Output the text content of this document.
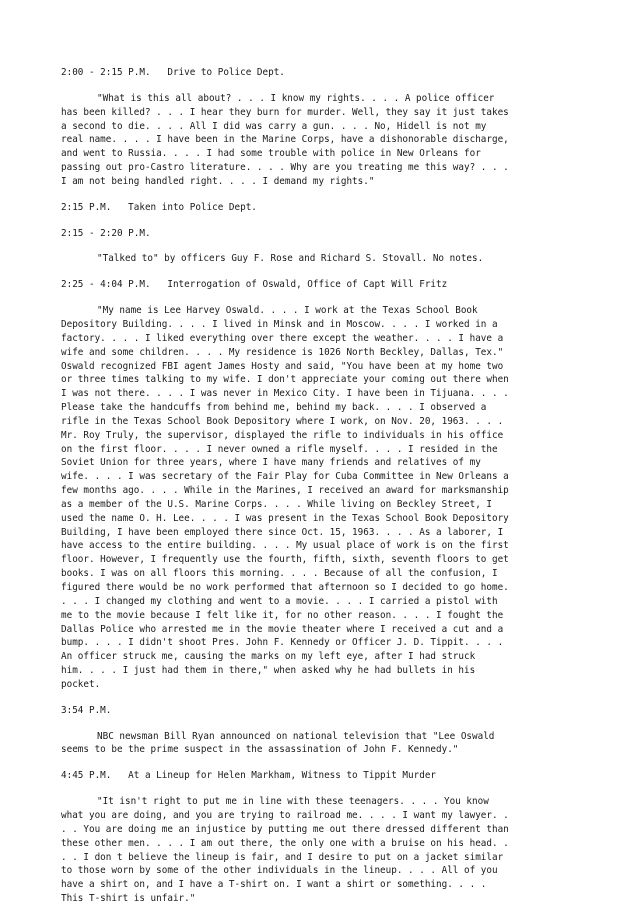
2:00 - 2:15 P.M.   Drive to Police Dept.
"What is this all about? . . . I know my rights. . . . A police officer
has been killed? . . . I hear they burn for murder. Well, they say it just takes
a second to die. . . . All I did was carry a gun. . . . No, Hidell is not my
real name. . . . I have been in the Marine Corps, have a dishonorable discharge,
and went to Russia. . . . I had some trouble with police in New Orleans for
passing out pro-Castro literature. . . . Why are you treating me this way? . . .
I am not being handled right. . . . I demand my rights."
2:15 P.M.   Taken into Police Dept.
2:15 - 2:20 P.M.
"Talked to" by officers Guy F. Rose and Richard S. Stovall. No notes.
2:25 - 4:04 P.M.   Interrogation of Oswald, Office of Capt Will Fritz
"My name is Lee Harvey Oswald. . . . I work at the Texas School Book
Depository Building. . . . I lived in Minsk and in Moscow. . . . I worked in a
factory. . . . I liked everything over there except the weather. . . . I have a
wife and some children. . . . My residence is 1026 North Beckley, Dallas, Tex."
Oswald recognized FBI agent James Hosty and said, "You have been at my home two
or three times talking to my wife. I don't appreciate your coming out there when
I was not there. . . . I was never in Mexico City. I have been in Tijuana. . . .
Please take the handcuffs from behind me, behind my back. . . . I observed a
rifle in the Texas School Book Depository where I work, on Nov. 20, 1963. . . .
Mr. Roy Truly, the supervisor, displayed the rifle to individuals in his office
on the first floor. . . . I never owned a rifle myself. . . . I resided in the
Soviet Union for three years, where I have many friends and relatives of my
wife. . . . I was secretary of the Fair Play for Cuba Committee in New Orleans a
few months ago. . . . While in the Marines, I received an award for marksmanship
as a member of the U.S. Marine Corps. . . . While living on Beckley Street, I
used the name O. H. Lee. . . . I was present in the Texas School Book Depository
Building, I have been employed there since Oct. 15, 1963. . . . As a laborer, I
have access to the entire building. . . . My usual place of work is on the first
floor. However, I frequently use the fourth, fifth, sixth, seventh floors to get
books. I was on all floors this morning. . . . Because of all the confusion, I
figured there would be no work performed that afternoon so I decided to go home.
. . . I changed my clothing and went to a movie. . . . I carried a pistol with
me to the movie because I felt like it, for no other reason. . . . I fought the
Dallas Police who arrested me in the movie theater where I received a cut and a
bump. . . . I didn't shoot Pres. John F. Kennedy or Officer J. D. Tippit. . . .
An officer struck me, causing the marks on my left eye, after I had struck
him. . . . I just had them in there," when asked why he had bullets in his
pocket.
3:54 P.M.
NBC newsman Bill Ryan announced on national television that "Lee Oswald
seems to be the prime suspect in the assassination of John F. Kennedy."
4:45 P.M.   At a Lineup for Helen Markham, Witness to Tippit Murder
"It isn't right to put me in line with these teenagers. . . . You know
what you are doing, and you are trying to railroad me. . . . I want my lawyer. .
. . You are doing me an injustice by putting me out there dressed different than
these other men. . . . I am out there, the only one with a bruise on his head. .
. . I don t believe the lineup is fair, and I desire to put on a jacket similar
to those worn by some of the other individuals in the lineup. . . . All of you
have a shirt on, and I have a T-shirt on. I want a shirt or something. . . .
This T-shirt is unfair."
